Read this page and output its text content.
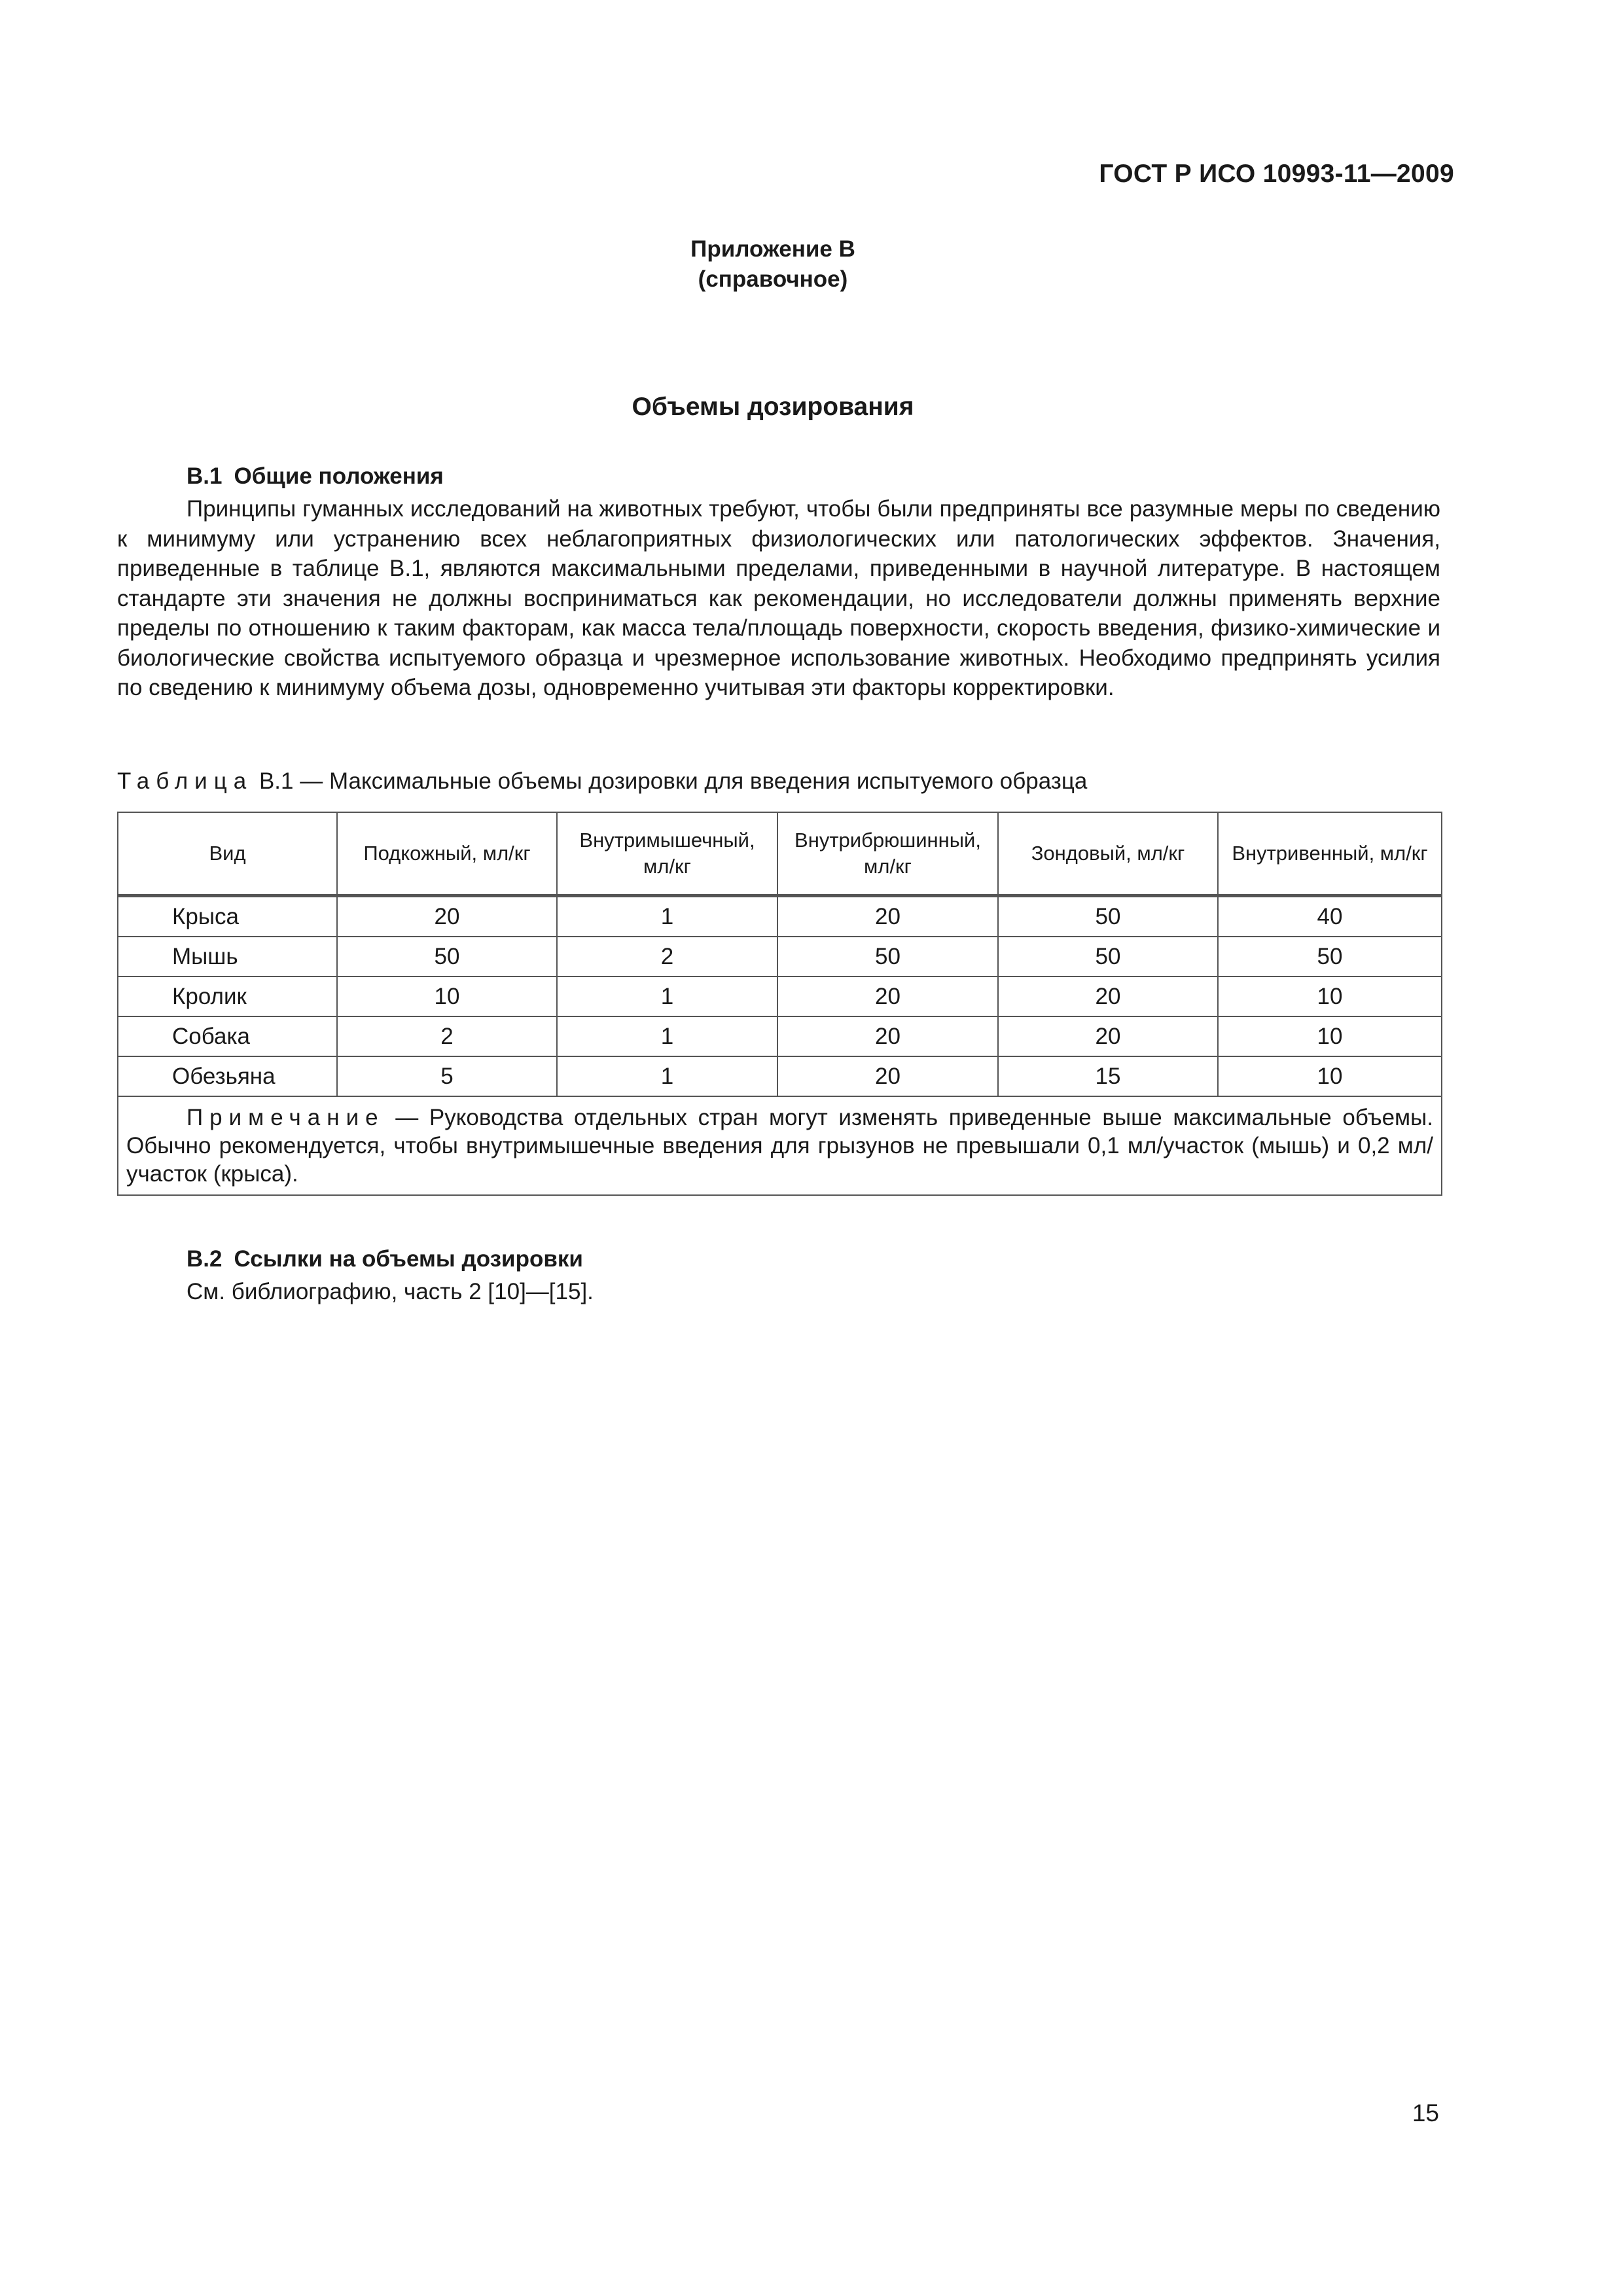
ГОСТ Р ИСО 10993-11—2009
Приложение В
(справочное)
Объемы дозирования
В.1 Общие положения
Принципы гуманных исследований на животных требуют, чтобы были предприняты все разумные меры по сведению к минимуму или устранению всех неблагоприятных физиологических или патологических эффектов. Значения, приведенные в таблице В.1, являются максимальными пределами, приведенными в научной литературе. В настоящем стандарте эти значения не должны восприниматься как рекомендации, но исследователи должны применять верхние пределы по отношению к таким факторам, как масса тела/площадь поверхности, скорость введения, физико-химические и биологические свойства испытуемого образца и чрезмерное использование животных. Необходимо предпринять усилия по сведению к минимуму объема дозы, одновременно учитывая эти факторы корректировки.
Таблица В.1 — Максимальные объемы дозировки для введения испытуемого образца
Вид	Подкожный, мл/кг	Внутримышечный, мл/кг	Внутрибрюшинный, мл/кг	Зондовый, мл/кг	Внутривенный, мл/кг
Крыса	20	1	20	50	40
Мышь	50	2	50	50	50
Кролик	10	1	20	20	10
Собака	2	1	20	20	10
Обезьяна	5	1	20	15	10
Примечание — Руководства отдельных стран могут изменять приведенные выше максимальные объемы. Обычно рекомендуется, чтобы внутримышечные введения для грызунов не превышали 0,1 мл/участок (мышь) и 0,2 мл/участок (крыса).					
В.2 Ссылки на объемы дозировки
См. библиографию, часть 2 [10]—[15].
15
